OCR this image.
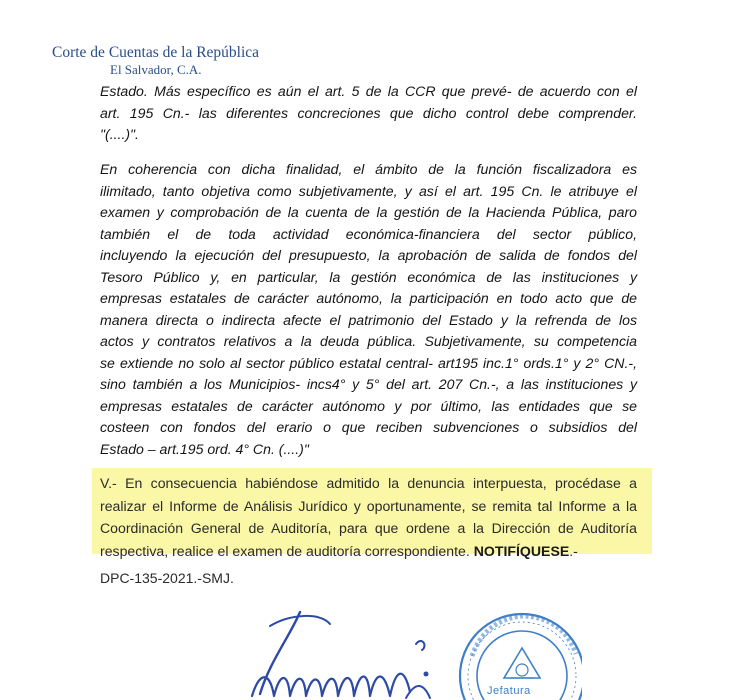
Corte de Cuentas de la República
El Salvador, C.A.
Estado. Más específico es aún el art. 5 de la CCR que prevé- de acuerdo con el
art. 195 Cn.- las diferentes concreciones que dicho control debe comprender.
"(....)".
En coherencia con dicha finalidad, el ámbito de la función fiscalizadora es
ilimitado, tanto objetiva como subjetivamente, y así el art. 195 Cn. le atribuye el
examen y comprobación de la cuenta de la gestión de la Hacienda Pública, paro
también el de toda actividad económica-financiera del sector público,
incluyendo la ejecución del presupuesto, la aprobación de salida de fondos del
Tesoro Público y, en particular, la gestión económica de las instituciones y
empresas estatales de carácter autónomo, la participación en todo acto que de
manera directa o indirecta afecte el patrimonio del Estado y la refrenda de los
actos y contratos relativos a la deuda pública. Subjetivamente, su competencia
se extiende no solo al sector público estatal central- art195 inc.1° ords.1° y 2° CN.-,
sino también a los Municipios- incs4° y 5° del art. 207 Cn.-, a las instituciones y
empresas estatales de carácter autónomo y por último, las entidades que se
costeen con fondos del erario o que reciben subvenciones o subsidios del
Estado – art.195 ord. 4° Cn. (....)"
V.- En consecuencia habiéndose admitido la denuncia interpuesta, procédase a
realizar el Informe de Análisis Jurídico y oportunamente, se remita tal Informe a la
Coordinación General de Auditoría, para que ordene a la Dirección de Auditoría
respectiva, realice el examen de auditoría correspondiente. NOTIFÍQUESE.-
DPC-135-2021.-SMJ.
Jefatura
